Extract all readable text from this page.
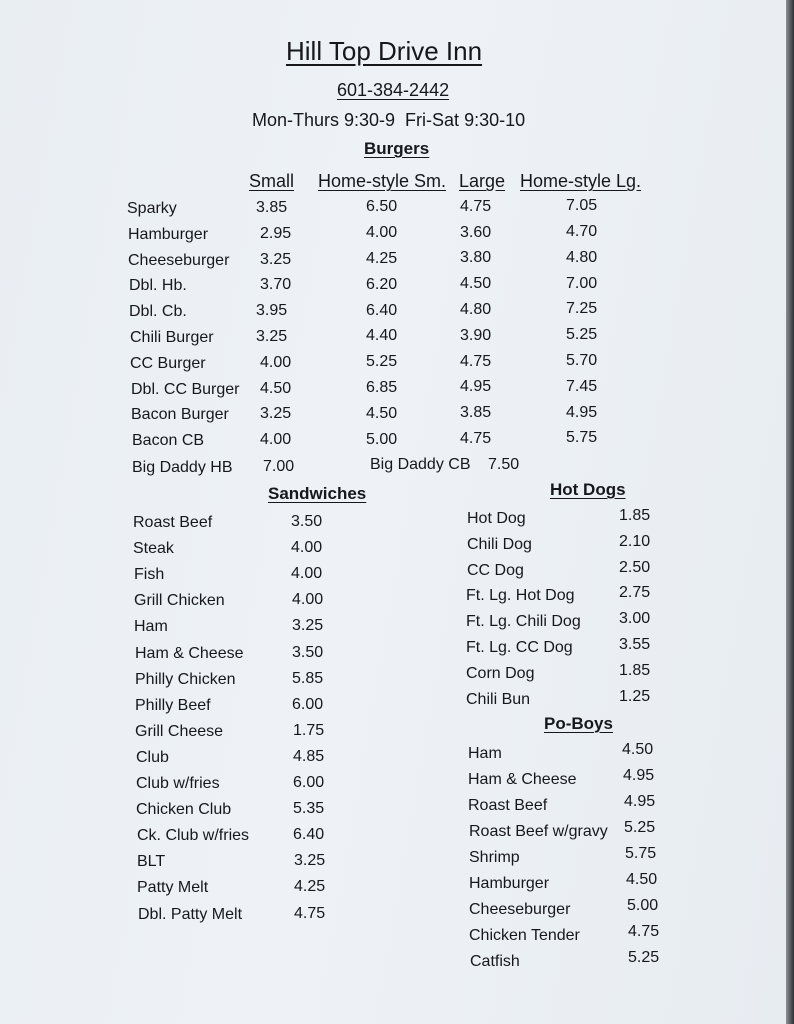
Hill Top Drive Inn
601-384-2442
Mon-Thurs 9:30-9  Fri-Sat 9:30-10
Burgers
Small Home-style Sm. Large Home-style Lg.
Sparky	3.85	6.50	4.75	7.05
Hamburger	2.95	4.00	3.60	4.70
Cheeseburger 3.25	4.25	3.80	4.80
Dbl. Hb.	3.70	6.20	4.50	7.00
Dbl. Cb.	3.95	6.40	4.80	7.25
Chili Burger	3.25	4.40	3.90	5.25
CC Burger	4.00	5.25	4.75	5.70
Dbl. CC Burger 4.50	6.85	4.95	7.45
Bacon Burger 3.25	4.50	3.85	4.95
Bacon CB	4.00	5.00	4.75	5.75
Big Daddy HB 7.00	Big Daddy CB 7.50
Sandwiches	Hot Dogs
Po-Boys
Roast Beef	3.50
Steak	4.00
Fish	4.00
Grill Chicken	4.00
Ham	3.25
Ham & Cheese	3.50
Philly Chicken	5.85
Philly Beef	6.00
Grill Cheese	1.75
Club	4.85
Club w/fries	6.00
Chicken Club	5.35
Ck. Club w/fries	6.40
BLT	3.25
Patty Melt	4.25
Dbl. Patty Melt	4.75
Hot Dog	1.85
Chili Dog	2.10
CC Dog	2.50
Ft. Lg. Hot Dog	2.75
Ft. Lg. Chili Dog 3.00
Ft. Lg. CC Dog	3.55
Corn Dog	1.85
Chili Bun	1.25
Ham	4.50
Ham & Cheese	4.95
Roast Beef	4.95
Roast Beef w/gravy 5.25
Shrimp	5.75
Hamburger	4.50
Cheeseburger	5.00
Chicken Tender	4.75
Catfish	5.25
